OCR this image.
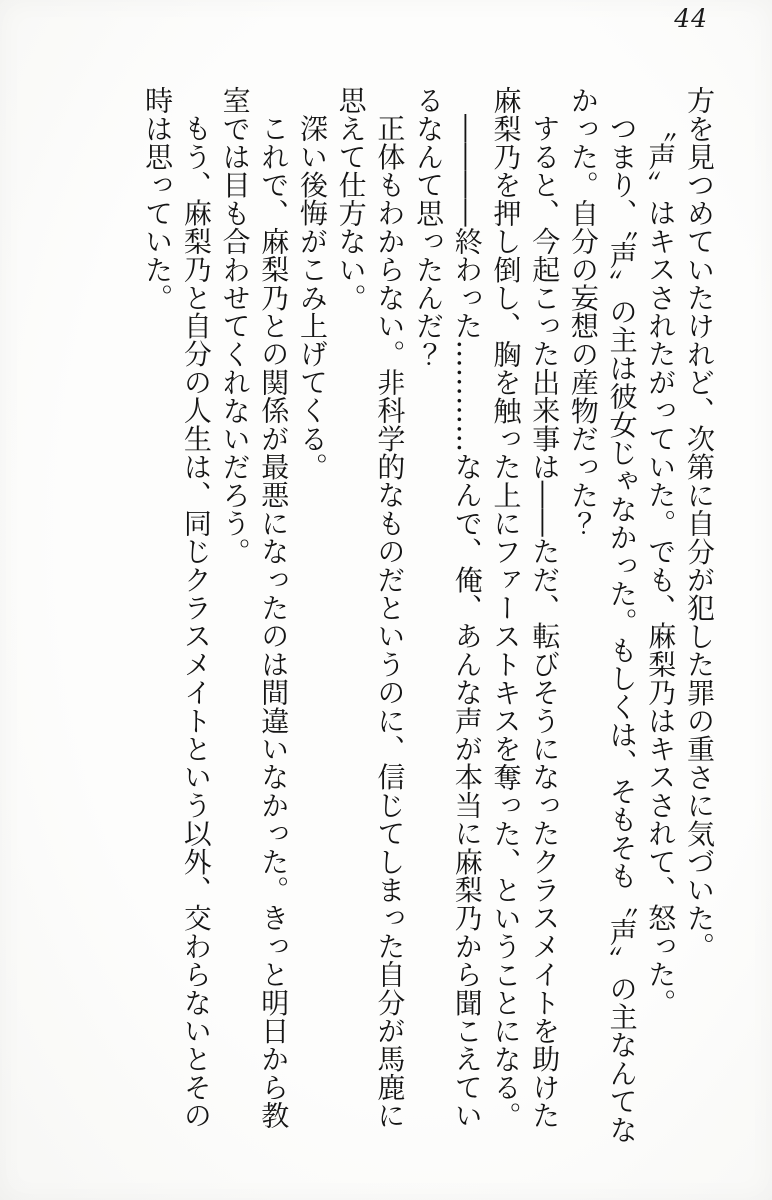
44

方を見つめていたけれど、次第に自分が犯した罪の重さに気づいた。

〝声〟はキスされたがっていた。でも、麻梨乃はキスされて、怒った。

つまり、〝声〟の主は彼女じゃなかった。もしくは、そもそも〝声〟の主なんてなかった。自分の妄想の産物だった？

すると、今起こった出来事は――ただ、転びそうになったクラスメイトを助けた麻梨乃を押し倒し、胸を触った上にファーストキスを奪った、ということになる。

――――終わった…………なんで、俺、あんな声が本当に麻梨乃から聞こえているなんて思ったんだ？

正体もわからない。非科学的なものだというのに、信じてしまった自分が馬鹿に思えて仕方ない。

深い後悔がこみ上げてくる。

これで、麻梨乃との関係が最悪になったのは間違いなかった。きっと明日から教室では目も合わせてくれないだろう。

もう、麻梨乃と自分の人生は、同じクラスメイトという以外、交わらないとその時は思っていた。
